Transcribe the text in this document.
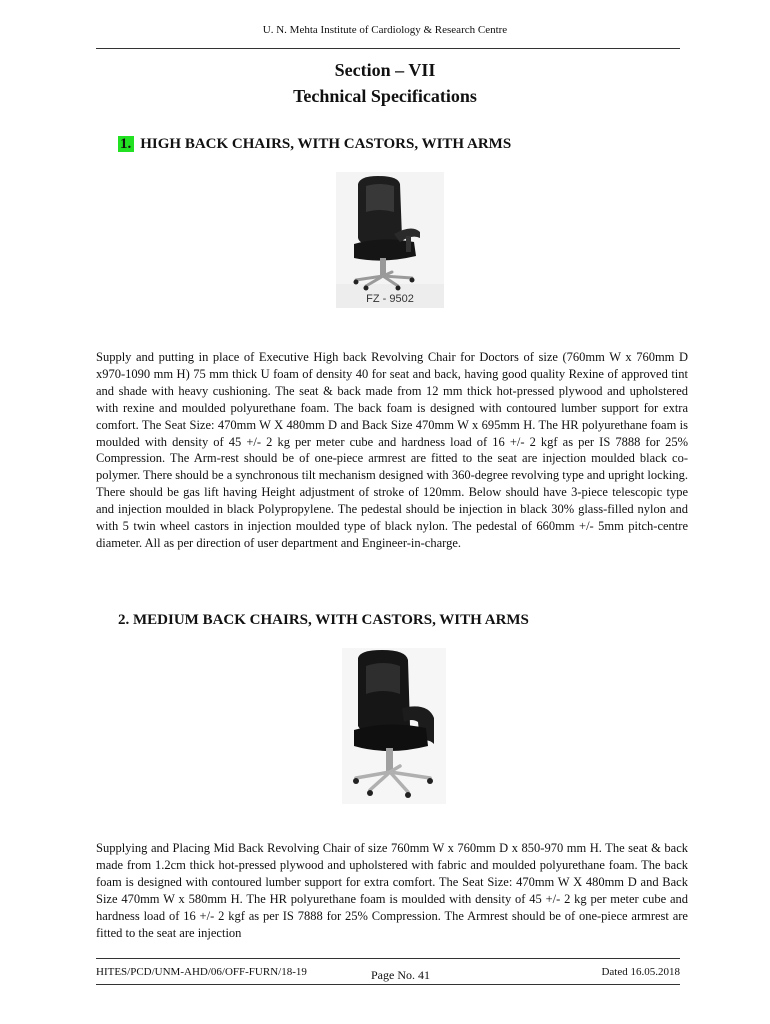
U. N. Mehta Institute of Cardiology & Research Centre
Section – VII
Technical Specifications
1. HIGH BACK CHAIRS, WITH CASTORS, WITH ARMS
FZ - 9502

Supply and putting in place of Executive High back Revolving Chair for Doctors of size (760mm W x 760mm D x970-1090 mm H) 75 mm thick U foam of density 40 for seat and back, having good quality Rexine of approved tint and shade with heavy cushioning. The seat & back made from 12 mm thick hot-pressed plywood and upholstered with rexine and moulded polyurethane foam. The back foam is designed with contoured lumber support for extra comfort. The Seat Size: 470mm W X 480mm D and Back Size 470mm W x 695mm H. The HR polyurethane foam is moulded with density of 45 +/- 2 kg per meter cube and hardness load of 16 +/- 2 kgf as per IS 7888 for 25% Compression. The Arm-rest should be of one-piece armrest are fitted to the seat are injection moulded black co-polymer. There should be a synchronous tilt mechanism designed with 360-degree revolving type and upright locking. There should be gas lift having Height adjustment of stroke of 120mm. Below should have 3-piece telescopic type and injection moulded in black Polypropylene. The pedestal should be injection in black 30% glass-filled nylon and with 5 twin wheel castors in injection moulded type of black nylon. The pedestal of 660mm +/- 5mm pitch-centre diameter. All as per direction of user department and Engineer-in-charge.

2. MEDIUM BACK CHAIRS, WITH CASTORS, WITH ARMS

Supplying and Placing Mid Back Revolving Chair of size 760mm W x 760mm D x 850-970 mm H. The seat & back made from 1.2cm thick hot-pressed plywood and upholstered with fabric and moulded polyurethane foam. The back foam is designed with contoured lumber support for extra comfort. The Seat Size: 470mm W X 480mm D and Back Size 470mm W x 580mm H. The HR polyurethane foam is moulded with density of 45 +/- 2 kg per meter cube and hardness load of 16 +/- 2 kgf as per IS 7888 for 25% Compression. The Armrest should be of one-piece armrest are fitted to the seat are injection

HITES/PCD/UNM-AHD/06/OFF-FURN/18-19	Page No. 41	Dated 16.05.2018
